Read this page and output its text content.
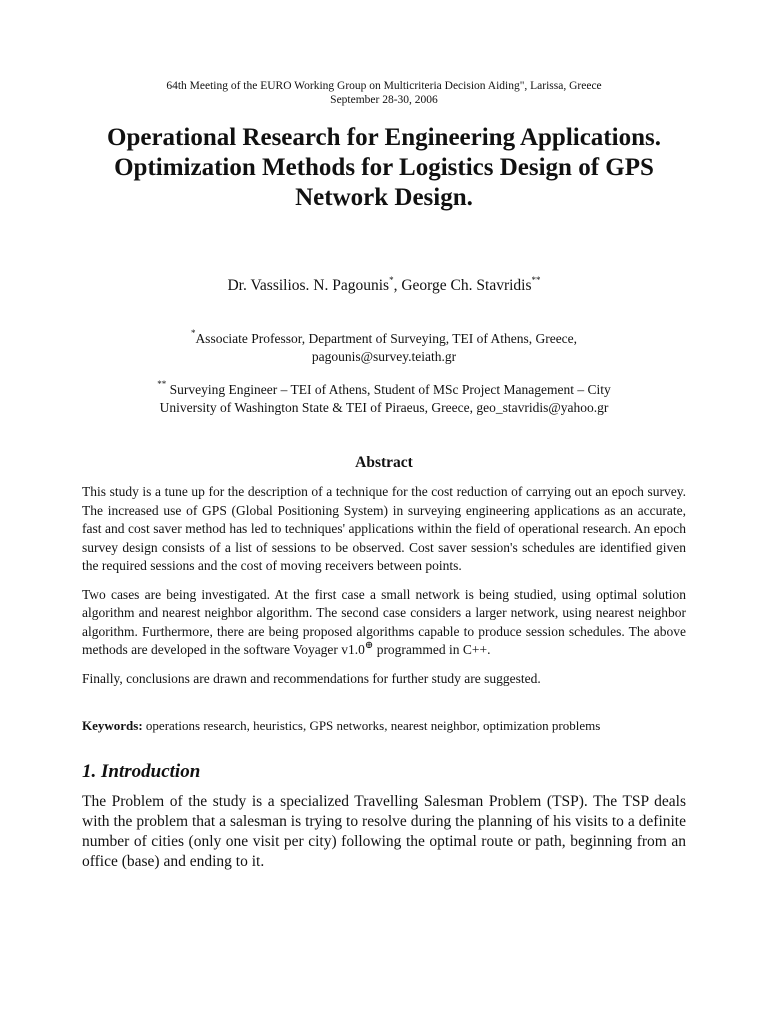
64th Meeting of the EURO Working Group on Multicriteria Decision Aiding", Larissa, Greece
September 28-30, 2006
Operational Research for Engineering Applications.
Optimization Methods for Logistics Design of GPS
Network Design.
Dr. Vassilios. N. Pagounis*, George Ch. Stavridis**
*Associate Professor, Department of Surveying, TEI of Athens, Greece,
pagounis@survey.teiath.gr
** Surveying Engineer – TEI of Athens, Student of MSc Project Management – City
University of Washington State & TEI of Piraeus, Greece, geo_stavridis@yahoo.gr
Abstract

This study is a tune up for the description of a technique for the cost reduction of carrying out an epoch survey. The increased use of GPS (Global Positioning System) in surveying engineering applications as an accurate, fast and cost saver method has led to techniques' applications within the field of operational research. An epoch survey design consists of a list of sessions to be observed. Cost saver session's schedules are identified given the required sessions and the cost of moving receivers between points.

Two cases are being investigated. At the first case a small network is being studied, using optimal solution algorithm and nearest neighbor algorithm. The second case considers a larger network, using nearest neighbor algorithm. Furthermore, there are being proposed algorithms capable to produce session schedules. The above methods are developed in the software Voyager v1.0⊕ programmed in C++.

Finally, conclusions are drawn and recommendations for further study are suggested.

Keywords: operations research, heuristics, GPS networks, nearest neighbor, optimization problems
1. Introduction

The Problem of the study is a specialized Travelling Salesman Problem (TSP). The TSP deals with the problem that a salesman is trying to resolve during the planning of his visits to a definite number of cities (only one visit per city) following the optimal route or path, beginning from an office (base) and ending to it.
